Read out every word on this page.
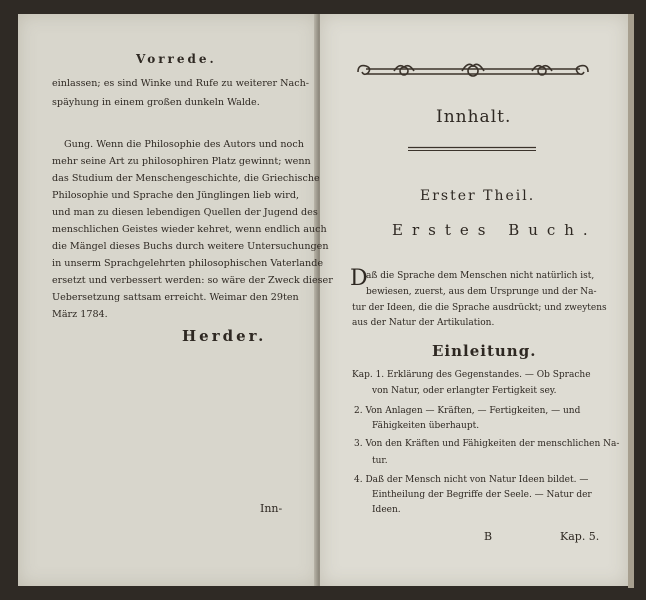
Vorrede.
einlassen; es sind Winke und Rufe zu weiterer Nach-
späyhung in einem großen dunkeln Walde.
Gung. Wenn die Philosophie des Autors und noch
mehr seine Art zu philosophiren Platz gewinnt; wenn
das Studium der Menschengeschichte, die Griechische
Philosophie und Sprache den Jünglingen lieb wird,
und man zu diesen lebendigen Quellen der Jugend des
menschlichen Geistes wieder kehret, wenn endlich auch
die Mängel dieses Buchs durch weitere Untersuchungen
in unserm Sprachgelehrten philosophischen Vaterlande
ersetzt und verbessert werden: so wäre der Zweck dieser
Uebersetzung sattsam erreicht. Weimar den 29ten
März 1784.
Herder.
Inn-
Innhalt.
Erster Theil.
Erstes Buch.
D
aß die Sprache dem Menschen nicht natürlich ist,
bewiesen, zuerst, aus dem Ursprunge und der Na-
tur der Ideen, die die Sprache ausdrückt; und zweytens
aus der Natur der Artikulation.
Einleitung.
Kap. 1. Erklärung des Gegenstandes. — Ob Sprache
von Natur, oder erlangter Fertigkeit sey.
2. Von Anlagen — Kräften, — Fertigkeiten, — und
Fähigkeiten überhaupt.
3. Von den Kräften und Fähigkeiten der menschlichen Na-
tur.
4. Daß der Mensch nicht von Natur Ideen bildet. —
Eintheilung der Begriffe der Seele. — Natur der
Ideen.
B	Kap. 5.
